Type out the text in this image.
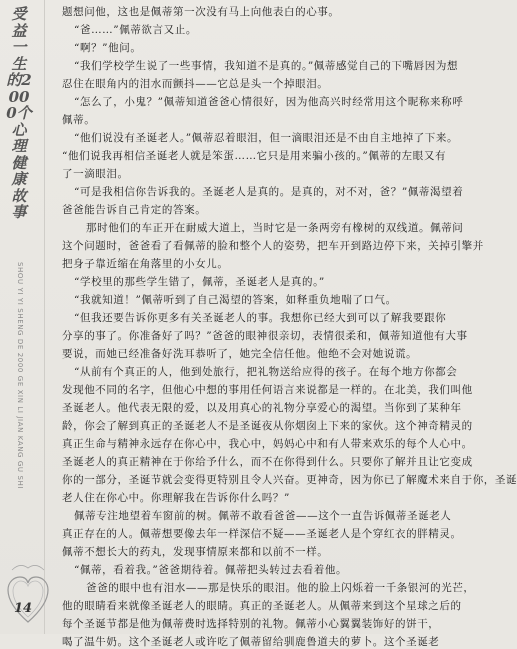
受益一生的2000个心理健康故事
SHOU YI YI SHENG DE 2000 GE XIN LI JIAN KANG GU SHI
14
题想问他，这也是佩蒂第一次没有马上向他表白的心事。
“爸……”佩蒂欲言又止。
“啊？”他问。
“我们学校学生说了一些事情，我知道不是真的。”佩蒂感觉自己的下嘴唇因为想
忍住在眼角内的泪水而颤抖——它总是头一个掉眼泪。
“怎么了，小鬼？”佩蒂知道爸爸心情很好，因为他高兴时经常用这个昵称来称呼
佩蒂。
“他们说没有圣诞老人。”佩蒂忍着眼泪，但一滴眼泪还是不由自主地掉了下来。
“他们说我再相信圣诞老人就是笨蛋……它只是用来骗小孩的。”佩蒂的左眼又有
了一滴眼泪。
“可是我相信你告诉我的。圣诞老人是真的。是真的，对不对，爸？”佩蒂渴望着
爸爸能告诉自己肯定的答案。
那时他们的车正开在耐威大道上，当时它是一条两旁有橡树的双线道。佩蒂问
这个问题时，爸爸看了看佩蒂的脸和整个人的姿势，把车开到路边停下来，关掉引擎并
把身子靠近缩在角落里的小女儿。
“学校里的那些学生错了，佩蒂，圣诞老人是真的。”
“我就知道！”佩蒂听到了自己渴望的答案，如释重负地喘了口气。
“但我还要告诉你更多有关圣诞老人的事。我想你已经大到可以了解我要跟你
分享的事了。你准备好了吗？”爸爸的眼神很亲切，表情很柔和，佩蒂知道他有大事
要说，而她已经准备好洗耳恭听了，她完全信任他。他绝不会对她说谎。
“从前有个真正的人，他到处旅行，把礼物送给应得的孩子。在每个地方你都会
发现他不同的名字，但他心中想的事用任何语言来说都是一样的。在北美，我们叫他
圣诞老人。他代表无限的爱，以及用真心的礼物分享爱心的渴望。当你到了某种年
龄，你会了解到真正的圣诞老人不是圣诞夜从你烟囱上下来的家伙。这个神奇精灵的
真正生命与精神永远存在你心中，我心中，妈妈心中和有人带来欢乐的每个人心中。
圣诞老人的真正精神在于你给予什么，而不在你得到什么。只要你了解并且让它变成
你的一部分，圣诞节就会变得更特别且令人兴奋。更神奇，因为你已了解魔术来自于你，圣诞
老人住在你心中。你理解我在告诉你什么吗？”
佩蒂专注地望着车窗前的树。佩蒂不敢看爸爸——这个一直告诉佩蒂圣诞老人
真正存在的人。佩蒂想要像去年一样深信不疑——圣诞老人是个穿红衣的胖精灵。
佩蒂不想长大的药丸，发现事情原来都和以前不一样。
“佩蒂，看着我。”爸爸期待着。佩蒂把头转过去看着他。
爸爸的眼中也有泪水——那是快乐的眼泪。他的脸上闪烁着一千条银河的光芒，
他的眼睛看来就像圣诞老人的眼睛。真正的圣诞老人。从佩蒂来到这个星球之后的
每个圣诞节都是他为佩蒂费时选择特别的礼物。佩蒂小心翼翼装饰好的饼干，
喝了温牛奶。这个圣诞老人或许吃了佩蒂留给驯鹿鲁道夫的萝卜。这个圣诞老
